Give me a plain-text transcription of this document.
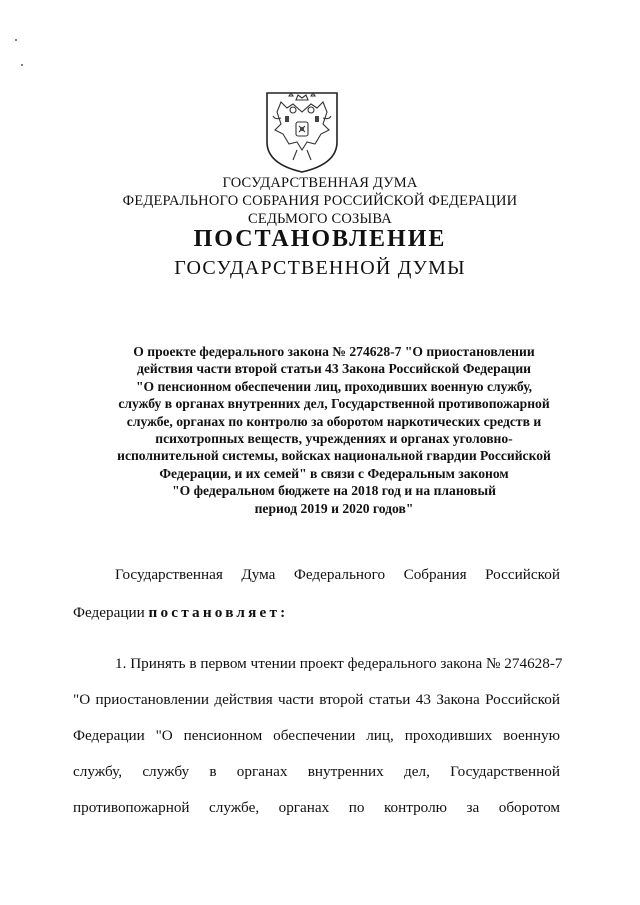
ГОСУДАРСТВЕННАЯ ДУМА
ФЕДЕРАЛЬНОГО СОБРАНИЯ РОССИЙСКОЙ ФЕДЕРАЦИИ
СЕДЬМОГО СОЗЫВА
ПОСТАНОВЛЕНИЕ
ГОСУДАРСТВЕННОЙ ДУМЫ
О проекте федерального закона № 274628-7 "О приостановлении
действия части второй статьи 43 Закона Российской Федерации
"О пенсионном обеспечении лиц, проходивших военную службу,
службу в органах внутренних дел, Государственной противопожарной
службе, органах по контролю за оборотом наркотических средств и
психотропных веществ, учреждениях и органах уголовно-
исполнительной системы, войсках национальной гвардии Российской
Федерации, и их семей" в связи с Федеральным законом
"О федеральном бюджете на 2018 год и на плановый
период 2019 и 2020 годов"
Государственная Дума Федерального Собрания Российской
Федерации постановляет:
1. Принять в первом чтении проект федерального закона № 274628-7
"О приостановлении действия части второй статьи 43 Закона Российской
Федерации "О пенсионном обеспечении лиц, проходивших военную
службу, службу в органах внутренних дел, Государственной
противопожарной службе, органах по контролю за оборотом
